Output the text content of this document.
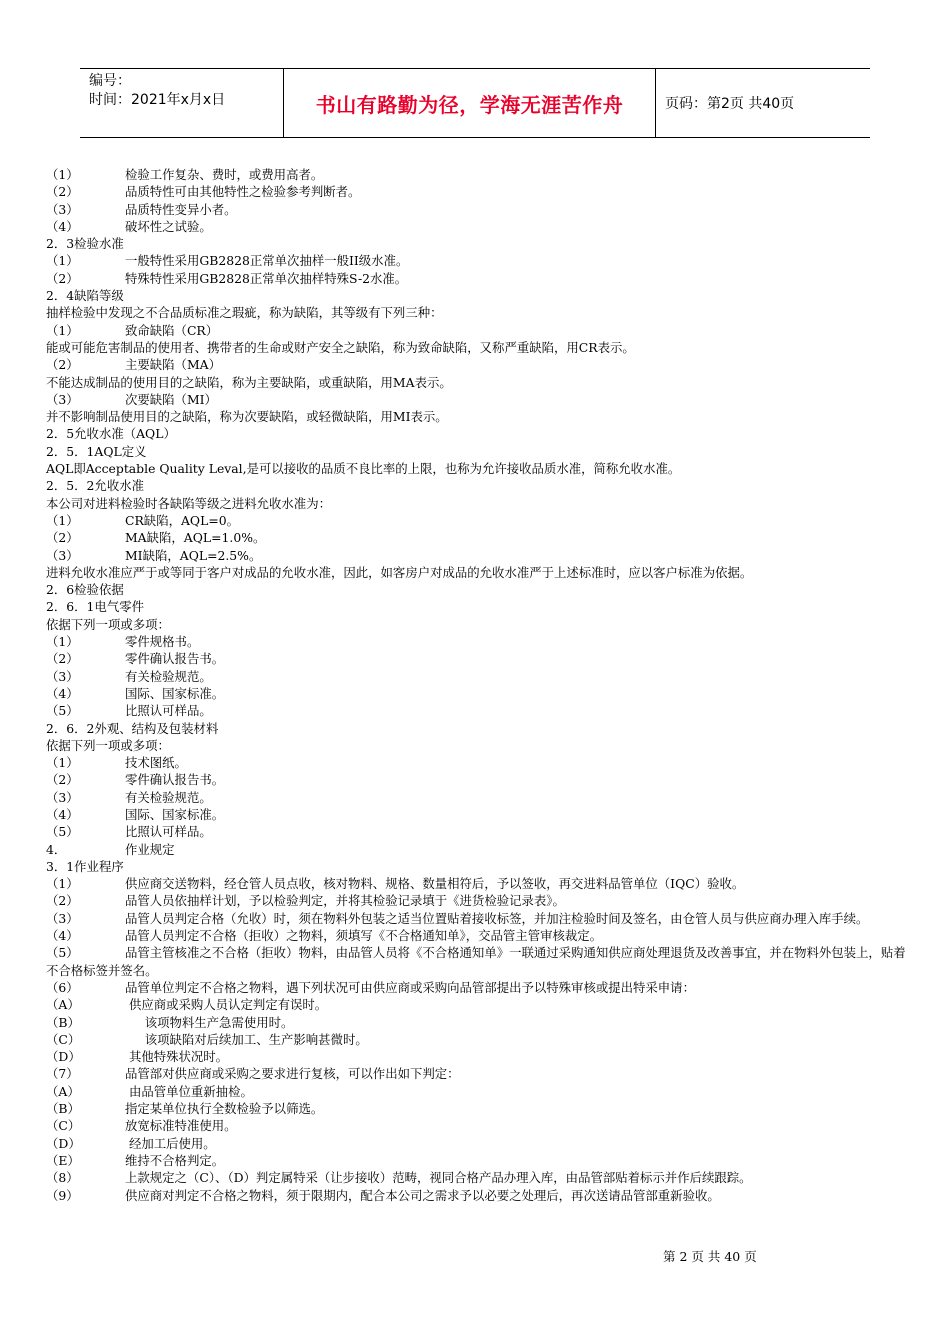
编号：
时间：2021年x月x日	书山有路勤为径，学海无涯苦作舟	页码：第2页 共40页
（1）	检验工作复杂、费时，或费用高者。
（2）	品质特性可由其他特性之检验参考判断者。
（3）	品质特性变异小者。
（4）	破坏性之试验。
2．3检验水准
（1）	一般特性采用GB2828正常单次抽样一般II级水准。
（2）	特殊特性采用GB2828正常单次抽样特殊S-2水准。
2．4缺陷等级
抽样检验中发现之不合品质标准之瑕疵，称为缺陷，其等级有下列三种：
（1）	致命缺陷（CR）
能或可能危害制品的使用者、携带者的生命或财产安全之缺陷，称为致命缺陷，又称严重缺陷，用CR表示。
（2）	主要缺陷（MA）
不能达成制品的使用目的之缺陷，称为主要缺陷，或重缺陷，用MA表示。
（3）	次要缺陷（MI）
并不影响制品使用目的之缺陷，称为次要缺陷，或轻微缺陷，用MI表示。
2．5允收水准（AQL）
2．5．1AQL定义
AQL即Acceptable Quality Leval,是可以接收的品质不良比率的上限，也称为允许接收品质水准，简称允收水准。
2．5．2允收水准
本公司对进料检验时各缺陷等级之进料允收水准为：
（1）	CR缺陷，AQL=0。
（2）	MA缺陷，AQL=1.0%。
（3）	MI缺陷，AQL=2.5%。
进料允收水准应严于或等同于客户对成品的允收水准，因此，如客房户对成品的允收水准严于上述标准时，应以客户标准为依据。
2．6检验依据
2．6．1电气零件
依据下列一项或多项：
（1）	零件规格书。
（2）	零件确认报告书。
（3）	有关检验规范。
（4）	国际、国家标准。
（5）	比照认可样品。
2．6．2外观、结构及包装材料
依据下列一项或多项：
（1）	技术图纸。
（2）	零件确认报告书。
（3）	有关检验规范。
（4）	国际、国家标准。
（5）	比照认可样品。
4．	作业规定
3．1作业程序
（1）	供应商交送物料，经仓管人员点收，核对物料、规格、数量相符后，予以签收，再交进料品管单位（IQC）验收。
（2）	品管人员依抽样计划，予以检验判定，并将其检验记录填于《进货检验记录表》。
（3）	品管人员判定合格（允收）时，须在物料外包装之适当位置贴着接收标签，并加注检验时间及签名，由仓管人员与供应商办理入库手续。
（4）	品管人员判定不合格（拒收）之物料，须填写《不合格通知单》，交品管主管审核裁定。
（5）	品管主管核准之不合格（拒收）物料，由品管人员将《不合格通知单》一联通过采购通知供应商处理退货及改善事宜，并在物料外包装上，贴着不合格标签并签名。
（6）	品管单位判定不合格之物料，遇下列状况可由供应商或采购向品管部提出予以特殊审核或提出特采申请：
（A）	供应商或采购人员认定判定有误时。
（B）	该项物料生产急需使用时。
（C）	该项缺陷对后续加工、生产影响甚微时。
（D）	其他特殊状况时。
（7）	品管部对供应商或采购之要求进行复核，可以作出如下判定：
（A）	由品管单位重新抽检。
（B）	指定某单位执行全数检验予以筛选。
（C）	放宽标准特准使用。
（D）	经加工后使用。
（E）	维持不合格判定。
（8）	上款规定之（C）、（D）判定属特采（让步接收）范畴，视同合格产品办理入库，由品管部贴着标示并作后续跟踪。
（9）	供应商对判定不合格之物料，须于限期内，配合本公司之需求予以必要之处理后，再次送请品管部重新验收。
第 2 页 共 40 页
